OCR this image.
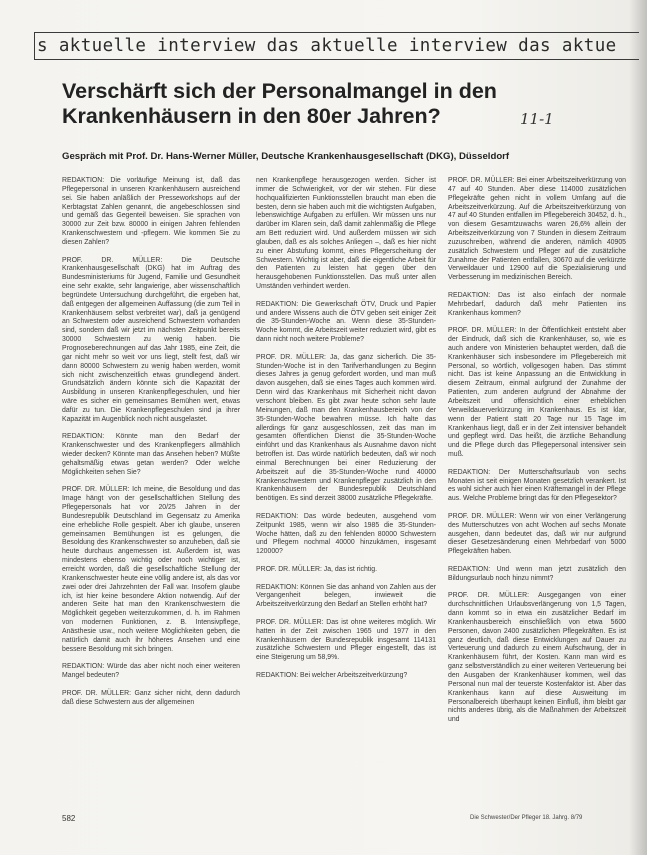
s aktuelle interview das aktuelle interview das aktue
Verschärft sich der Personalmangel in den Krankenhäusern in den 80er Jahren?	11-1
Gespräch mit Prof. Dr. Hans-Werner Müller, Deutsche Krankenhausgesellschaft (DKG), Düsseldorf

REDAKTION: Die vorläufige Meinung ist, daß das Pflegepersonal in unseren Krankenhäusern ausreichend sei. Sie haben anläßlich der Presseworkshops auf der Kerbtagstat Zahlen genannt, die angebeschlossen sind und gemäß das Gegenteil beweisen. Sie sprachen von 30000 zur Zeit bzw. 80000 in einigen Jahren fehlenden Krankenschwestern und -pflegern. Wie kommen Sie zu diesen Zahlen?

PROF. DR. MÜLLER: Die Deutsche Krankenhausgesellschaft (DKG) hat im Auftrag des Bundesministeriums für Jugend, Familie und Gesundheit eine sehr exakte, sehr langwierige, aber wissenschaftlich begründete Untersuchung durchgeführt, die ergeben hat, daß entgegen der allgemeinen Auffassung (die zum Teil in Krankenhäusern selbst verbreitet war), daß ja genügend an Schwestern oder ausreichend Schwestern vorhanden sind, sondern daß wir jetzt im nächsten Zeitpunkt bereits 30000 Schwestern zu wenig haben. Die Prognoseberechnungen auf das Jahr 1985, eine Zeit, die gar nicht mehr so weit vor uns liegt, stellt fest, daß wir dann 80000 Schwestern zu wenig haben werden, womit sich nicht zwischenzeitlich etwas grundlegend ändert. Grundsätzlich ändern könnte sich die Kapazität der Ausbildung in unseren Krankenpflegeschulen, und hier wäre es sicher ein gemeinsames Bemühen wert, etwas dafür zu tun. Die Krankenpflegeschulen sind ja ihrer Kapazität im Augenblick noch nicht ausgelastet.

REDAKTION: Könnte man den Bedarf der Krankenschwester und des Krankenpflegers allmählich wieder decken? Könnte man das Ansehen heben? Müßte gehaltsmäßig etwas getan werden? Oder welche Möglichkeiten sehen Sie?

PROF. DR. MÜLLER: Ich meine, die Besoldung und das Image hängt von der gesellschaftlichen Stellung des Pflegepersonals hat vor 20/25 Jahren in der Bundesrepublik Deutschland im Gegensatz zu Amerika eine erhebliche Rolle gespielt. Aber ich glaube, unseren gemeinsamen Bemühungen ist es gelungen, die Besoldung des Krankenschwester so anzuheben, daß sie heute durchaus angemessen ist. Außerdem ist, was mindestens ebenso wichtig oder noch wichtiger ist, erreicht worden, daß die gesellschaftliche Stellung der Krankenschwester heute eine völlig andere ist, als das vor zwei oder drei Jahrzehnten der Fall war. Insofern glaube ich, ist hier keine besondere Aktion notwendig. Auf der anderen Seite hat man den Krankenschwestern die Möglichkeit gegeben weiterzukommen, d. h. im Rahmen von modernen Funktionen, z. B. Intensivpflege, Anästhesie usw., noch weitere Möglichkeiten geben, die natürlich damit auch ihr höheres Ansehen und eine bessere Besoldung mit sich bringen.

REDAKTION: Würde das aber nicht noch einer weiteren Mangel bedeuten?

PROF. DR. MÜLLER: Ganz sicher nicht, denn dadurch daß diese Schwestern aus der allgemeinen

nen Krankenpflege herausgezogen werden. Sicher ist immer die Schwierigkeit, vor der wir stehen. Für diese hochqualifizierten Funktionsstellen braucht man eben die besten, denn sie haben auch mit die wichtigsten Aufgaben, lebenswichtige Aufgaben zu erfüllen. Wir müssen uns nur darüber im Klaren sein, daß damit zahlenmäßig die Pflege am Bett reduziert wird. Und außerdem müssen wir sich glauben, daß es als solches Anliegen –, daß es hier nicht zu einer Abstufung kommt, eines Pflegerscheitung der Schwestern. Wichtig ist aber, daß die eigentliche Arbeit für den Patienten zu leisten hat gegen über den herausgehobenen Funktionsstellen. Das muß unter allen Umständen verhindert werden.

REDAKTION: Die Gewerkschaft ÖTV, Druck und Papier und andere Wissens auch die ÖTV geben seit einiger Zeit die 35-Stunden-Woche an. Wenn diese 35-Stunden-Woche kommt, die Arbeitszeit weiter reduziert wird, gibt es dann nicht noch weitere Probleme?

PROF. DR. MÜLLER: Ja, das ganz sicherlich. Die 35-Stunden-Woche ist in den Tarifverhandlungen zu Beginn dieses Jahres ja genug gefordert worden, und man muß davon ausgehen, daß sie eines Tages auch kommen wird. Denn wird das Krankenhaus mit Sicherheit nicht davon verschont bleiben. Es gibt zwar heute schon sehr laute Meinungen, daß man den Krankenhausbereich von der 35-Stunden-Woche bewahren müsse. Ich halte das allerdings für ganz ausgeschlossen, zeit das man im gesamten öffentlichen Dienst die 35-Stunden-Woche einführt und das Krankenhaus als Ausnahme davon nicht betroffen ist. Das würde natürlich bedeuten, daß wir noch einmal Berechnungen bei einer Reduzierung der Arbeitszeit auf die 35-Stunden-Woche rund 40000 Krankenschwestern und Krankenpfleger zusätzlich in den Krankenhäusern der Bundesrepublik Deutschland benötigen. Es sind derzeit 38000 zusätzliche Pflegekräfte.

REDAKTION: Das würde bedeuten, ausgehend vom Zeitpunkt 1985, wenn wir also 1985 die 35-Stunden-Woche hätten, daß zu den fehlenden 80000 Schwestern und Pflegern nochmal 40000 hinzukämen, insgesamt 120000?

PROF. DR. MÜLLER: Ja, das ist richtig.

REDAKTION: Können Sie das anhand von Zahlen aus der Vergangenheit belegen, inwieweit die Arbeitszeitverkürzung den Bedarf an Stellen erhöht hat?

PROF. DR. MÜLLER: Das ist ohne weiteres möglich. Wir hatten in der Zeit zwischen 1965 und 1977 in den Krankenhäusern der Bundesrepublik insgesamt 114131 zusätzliche Schwestern und Pfleger eingestellt, das ist eine Steigerung um 58,9%.

REDAKTION: Bei welcher Arbeitszeitverkürzung?

PROF. DR. MÜLLER: Bei einer Arbeitszeitverkürzung von 47 auf 40 Stunden. Aber diese 114000 zusätzlichen Pflegekräfte gehen nicht in vollem Umfang auf die Arbeitszeitverkürzung. Auf die Arbeitszeitverkürzung von 47 auf 40 Stunden entfallen im Pflegebereich 30452, d. h., von diesem Gesamtzuwachs waren 26,6% allein der Arbeitszeitverkürzung von 7 Stunden in diesem Zeitraum zuzuschreiben, während die anderen, nämlich 40905 zusätzlich Schwestern und Pfleger auf die zusätzliche Zunahme der Patienten entfallen, 30670 auf die verkürzte Verweildauer und 12900 auf die Spezialisierung und Verbesserung im medizinischen Bereich.

REDAKTION: Das ist also einfach der normale Mehrbedarf, dadurch daß mehr Patienten ins Krankenhaus kommen?

PROF. DR. MÜLLER: In der Öffentlichkeit entsteht aber der Eindruck, daß sich die Krankenhäuser, so, wie es auch andere von Ministerien behauptet werden, daß die Krankenhäuser sich insbesondere im Pflegebereich mit Personal, so wörtlich, vollgesogen haben. Das stimmt nicht. Das ist keine Anpassung an die Entwicklung in diesem Zeitraum, einmal aufgrund der Zunahme der Patienten, zum anderen aufgrund der Abnahme der Arbeitszeit und offensichtlich einer erheblichen Verweildauerverkürzung im Krankenhaus. Es ist klar, wenn der Patient statt 20 Tage nur 15 Tage im Krankenhaus liegt, daß er in der Zeit intensiver behandelt und gepflegt wird. Das heißt, die ärztliche Behandlung und die Pflege durch das Pflegepersonal intensiver sein muß.

REDAKTION: Der Mutterschaftsurlaub von sechs Monaten ist seit einigen Monaten gesetzlich verankert. Ist es wohl sicher auch hier einen Kräftemangel in der Pflege aus. Welche Probleme bringt das für den Pflegesektor?

PROF. DR. MÜLLER: Wenn wir von einer Verlängerung des Mutterschutzes von acht Wochen auf sechs Monate ausgehen, dann bedeutet das, daß wir nur aufgrund dieser Gesetzesänderung einen Mehrbedarf von 5000 Pflegekräften haben.

REDAKTION: Und wenn man jetzt zusätzlich den Bildungsurlaub noch hinzu nimmt?

PROF. DR. MÜLLER: Ausgegangen von einer durchschnittlichen Urlaubsverlängerung von 1,5 Tagen, dann kommt so in etwa ein zusätzlicher Bedarf im Krankenhausbereich einschließlich von etwa 5600 Personen, davon 2400 zusätzlichen Pflegekräften. Es ist ganz deutlich, daß diese Entwicklungen auf Dauer zu Verteuerung und dadurch zu einem Aufschwung, der in Krankenhäusern führt, der Kosten. Kann man wird es ganz selbstverständlich zu einer weiteren Verteuerung bei den Ausgaben der Krankenhäuser kommen, weil das Personal nun mal der teuerste Kostenfaktor ist. Aber das Krankenhaus kann auf diese Ausweitung im Personalbereich überhaupt keinen Einfluß, ihm bleibt gar nichts anderes übrig, als die Maßnahmen der Arbeitszeit und

582	Die Schwester/Der Pfleger 18. Jahrg. 8/79
